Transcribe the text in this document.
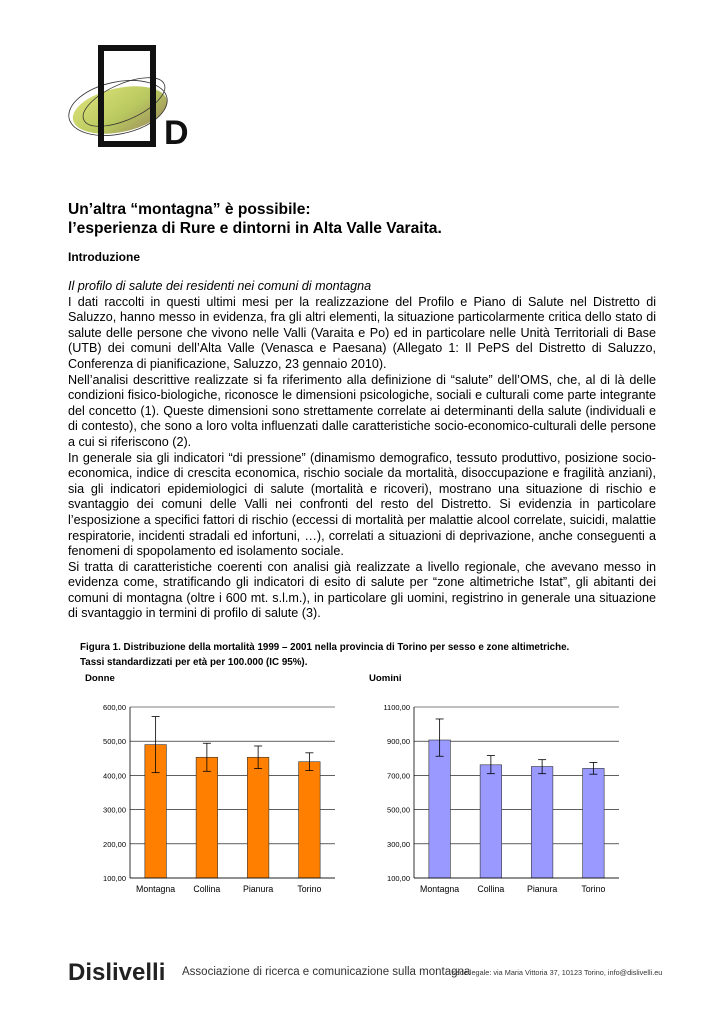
D
Un’altra “montagna” è possibile:
l’esperienza di Rure e dintorni in Alta Valle Varaita.
Introduzione

Il profilo di salute dei residenti nei comuni di montagna

I dati raccolti in questi ultimi mesi per la realizzazione del Profilo e Piano di Salute nel Distretto di Saluzzo, hanno messo in evidenza, fra gli altri elementi, la situazione particolarmente critica dello stato di salute delle persone che vivono nelle Valli (Varaita e Po) ed in particolare nelle Unità Territoriali di Base (UTB) dei comuni dell’Alta Valle (Venasca e Paesana) (Allegato 1: Il PePS del Distretto di Saluzzo, Conferenza di pianificazione, Saluzzo, 23 gennaio 2010).

Nell’analisi descrittive realizzate si fa riferimento alla definizione di “salute” dell’OMS, che, al di là delle condizioni fisico-biologiche, riconosce le dimensioni psicologiche, sociali e culturali come parte integrante del concetto (1). Queste dimensioni sono strettamente correlate ai determinanti della salute (individuali e di contesto), che sono a loro volta influenzati dalle caratteristiche socio-economico-culturali delle persone a cui si riferiscono (2).

In generale sia gli indicatori “di pressione” (dinamismo demografico, tessuto produttivo, posizione socio-economica, indice di crescita economica, rischio sociale da mortalità, disoccupazione e fragilità anziani), sia gli indicatori epidemiologici di salute (mortalità e ricoveri), mostrano una situazione di rischio e svantaggio dei comuni delle Valli nei confronti del resto del Distretto. Si evidenzia in particolare l’esposizione a specifici fattori di rischio (eccessi di mortalità per malattie alcool correlate, suicidi, malattie respiratorie, incidenti stradali ed infortuni, …), correlati a situazioni di deprivazione, anche conseguenti a fenomeni di spopolamento ed isolamento sociale.

Si tratta di caratteristiche coerenti con analisi già realizzate a livello regionale, che avevano messo in evidenza come, stratificando gli indicatori di esito di salute per “zone altimetriche Istat”, gli abitanti dei comuni di montagna (oltre i 600 mt. s.l.m.), in particolare gli uomini, registrino in generale una situazione di svantaggio in termini di profilo di salute (3).

Figura 1. Distribuzione della mortalità 1999 – 2001 nella provincia di Torino per sesso e zone altimetriche.
Tassi standardizzati per età per 100.000 (IC 95%).
Donne	Uomini
100,00
200,00
300,00
400,00
500,00
600,00
Montagna Collina	Pianura	Torino
100,00
300,00
500,00
700,00
900,00
1100,00
Montagna Collina	Pianura	Torino
Dislivelli Associazione di ricerca e comunicazione sulla montagna
sede legale: via Maria Vittoria 37, 10123 Torino, info@dislivelli.eu
